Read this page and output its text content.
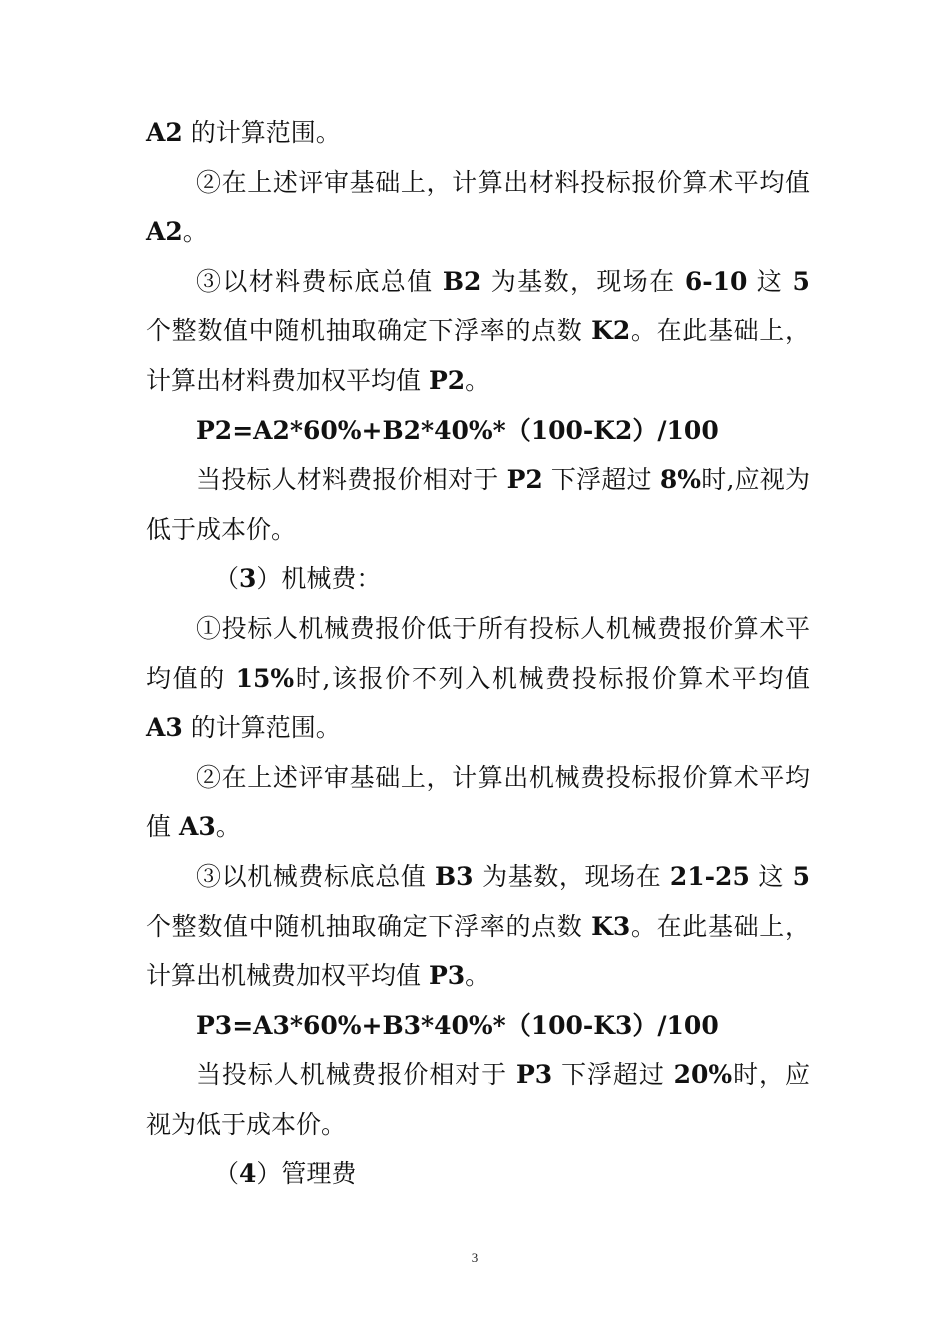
A2 的计算范围。

②在上述评审基础上，计算出材料投标报价算术平均值A2。

③以材料费标底总值 B2 为基数，现场在 6-10 这 5 个整数值中随机抽取确定下浮率的点数 K2。在此基础上，计算出材料费加权平均值 P2。

P2=A2*60%+B2*40%*（100-K2）/100

当投标人材料费报价相对于 P2 下浮超过 8%时,应视为低于成本价。

（3）机械费：

①投标人机械费报价低于所有投标人机械费报价算术平均值的 15%时,该报价不列入机械费投标报价算术平均值 A3 的计算范围。

②在上述评审基础上，计算出机械费投标报价算术平均值 A3。

③以机械费标底总值 B3 为基数，现场在 21-25 这 5 个整数值中随机抽取确定下浮率的点数 K3。在此基础上，计算出机械费加权平均值 P3。

P3=A3*60%+B3*40%*（100-K3）/100

当投标人机械费报价相对于 P3 下浮超过 20%时，应视为低于成本价。

（4）管理费

3
